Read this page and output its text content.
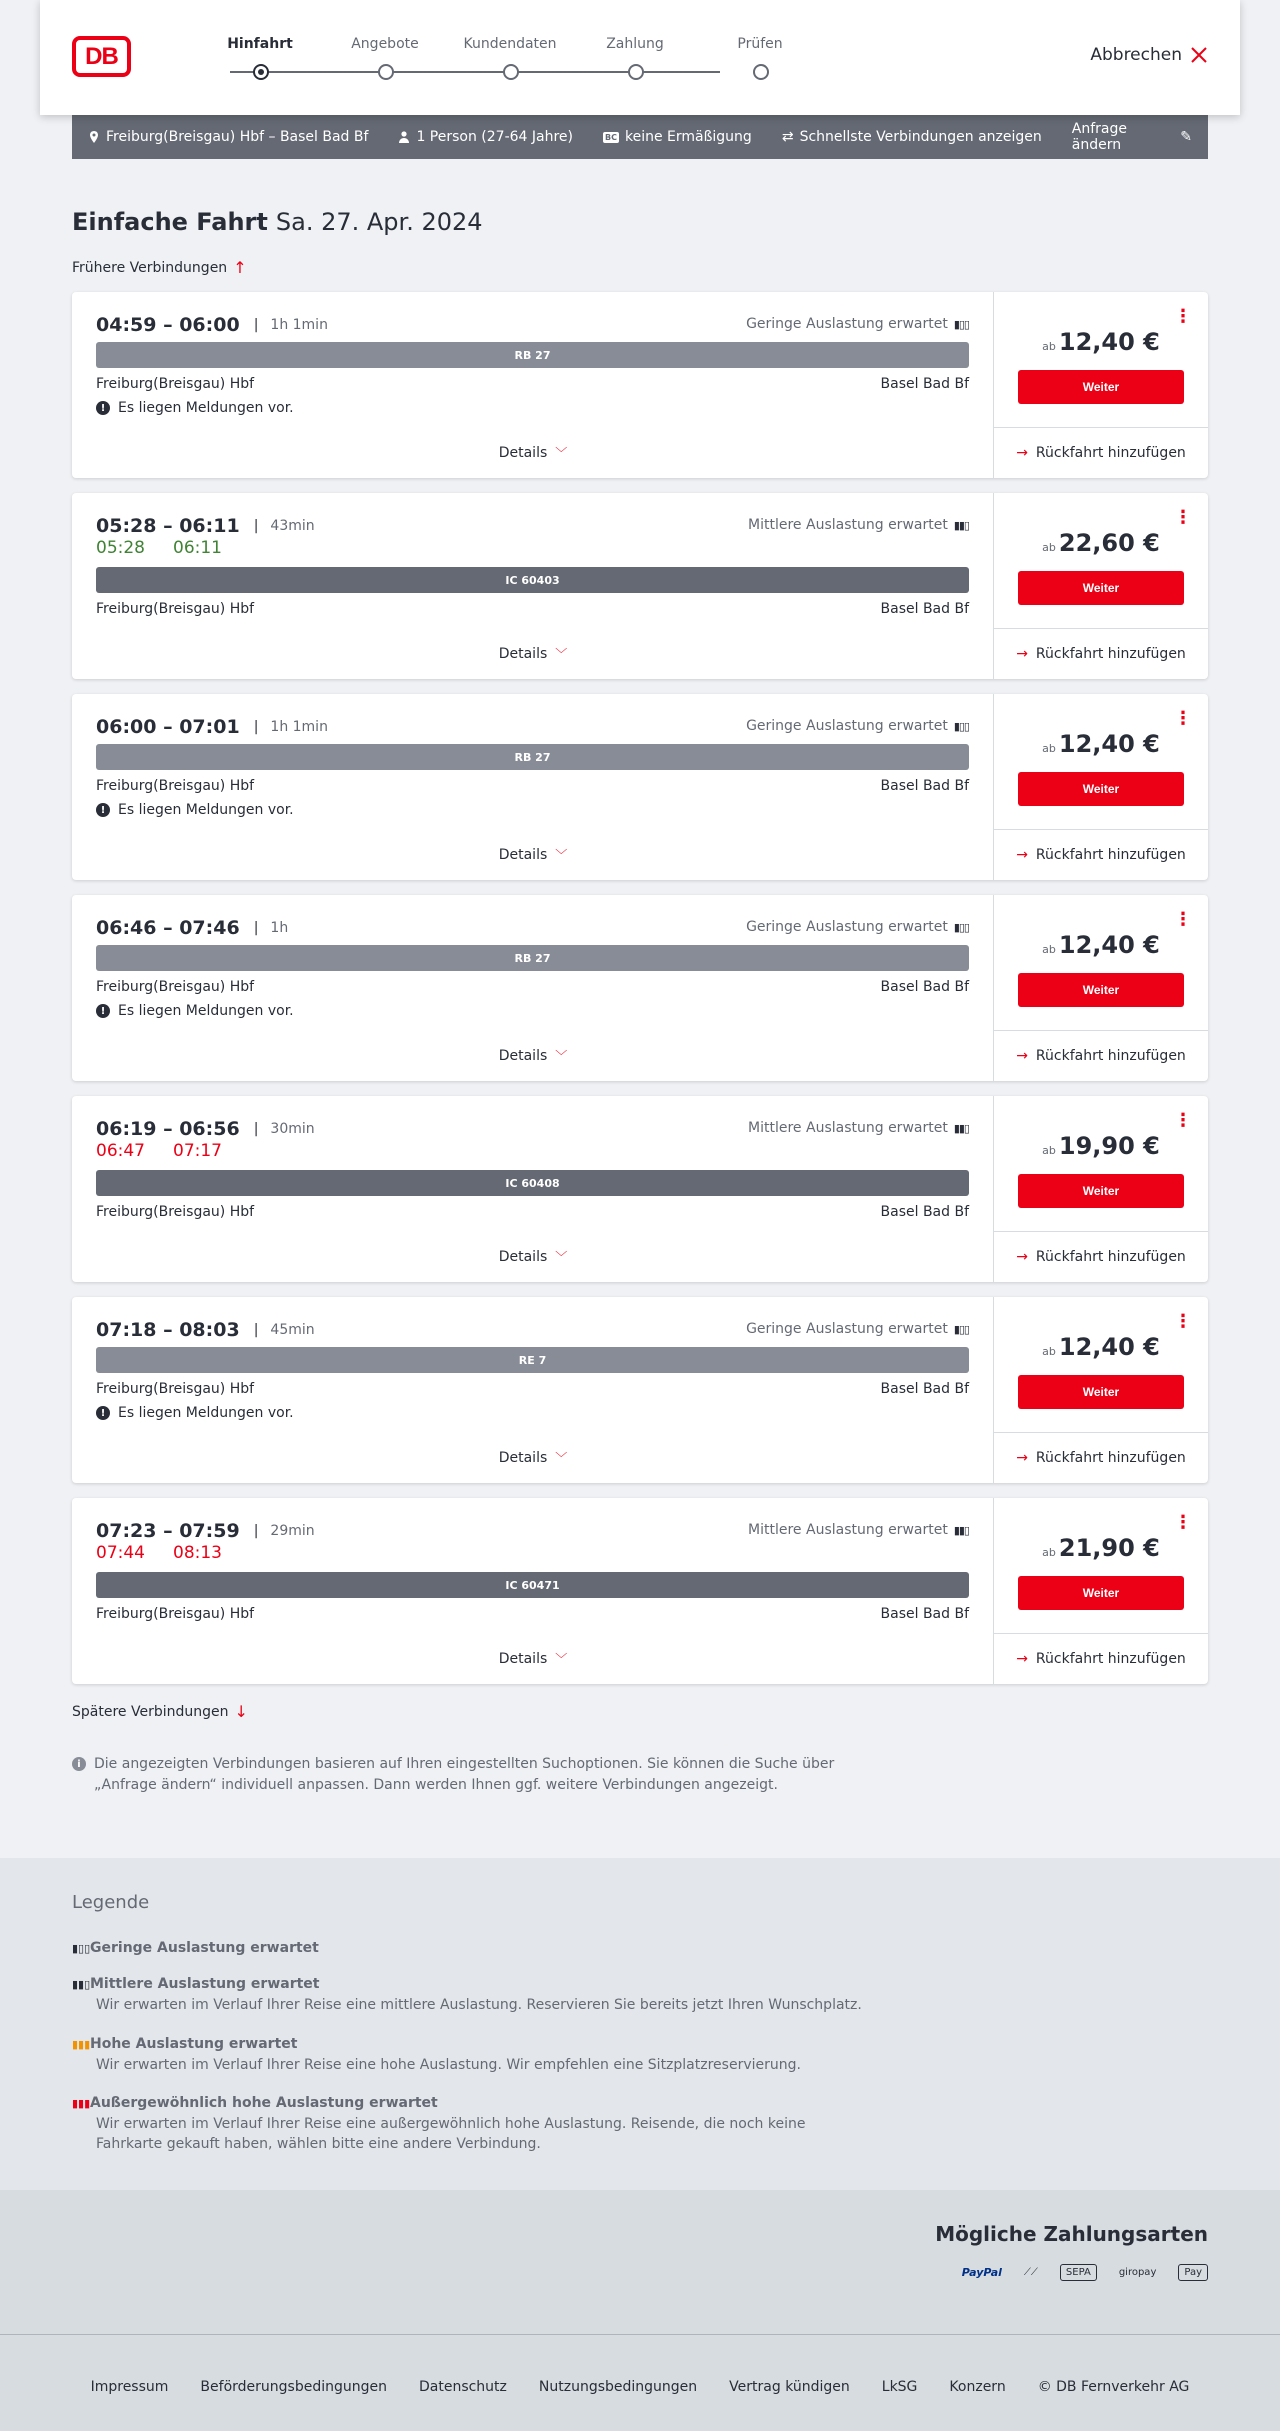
DB	Hinfahrt	Angebote	Kundendaten	Zahlung	Prüfen
Abbrechen
Freiburg(Breisgau) Hbf – Basel Bad Bf	1 Person (27-64 Jahre)	BC keine Ermäßigung ⇄ Schnellste Verbindungen anzeigen Anfrage ändern	✎
Einfache Fahrt Sa. 27. Apr. 2024
Frühere Verbindungen ↑
04:59 – 06:00	| 1h 1min	Geringe Auslastung erwartet ▮▯▯
RB 27
Freiburg(Breisgau) Hbf	Basel Bad Bf
! Es liegen Meldungen vor.
Details ﹀
⋮
ab 12,40 €
Weiter
→ Rückfahrt hinzufügen
05:28 – 06:11	| 43min	Mittlere Auslastung erwartet ▮▮▯
05:28 06:11
IC 60403
Freiburg(Breisgau) Hbf	Basel Bad Bf
Details ﹀
⋮
ab 22,60 €
Weiter
→ Rückfahrt hinzufügen
06:00 – 07:01	| 1h 1min	Geringe Auslastung erwartet ▮▯▯
RB 27
Freiburg(Breisgau) Hbf	Basel Bad Bf
! Es liegen Meldungen vor.
Details ﹀
⋮
ab 12,40 €
Weiter
→ Rückfahrt hinzufügen
06:46 – 07:46	| 1h	Geringe Auslastung erwartet ▮▯▯
RB 27
Freiburg(Breisgau) Hbf	Basel Bad Bf
! Es liegen Meldungen vor.
Details ﹀
⋮
ab 12,40 €
Weiter
→ Rückfahrt hinzufügen
06:19 – 06:56	| 30min	Mittlere Auslastung erwartet ▮▮▯
06:47 07:17
IC 60408
Freiburg(Breisgau) Hbf	Basel Bad Bf
Details ﹀
⋮
ab 19,90 €
Weiter
→ Rückfahrt hinzufügen
07:18 – 08:03	| 45min	Geringe Auslastung erwartet ▮▯▯
RE 7
Freiburg(Breisgau) Hbf	Basel Bad Bf
! Es liegen Meldungen vor.
Details ﹀
⋮
ab 12,40 €
Weiter
→ Rückfahrt hinzufügen
07:23 – 07:59	| 29min	Mittlere Auslastung erwartet ▮▮▯
07:44 08:13
IC 60471
Freiburg(Breisgau) Hbf	Basel Bad Bf
Details ﹀
⋮
ab 21,90 €
Weiter
→ Rückfahrt hinzufügen
Spätere Verbindungen ↓
i Die angezeigten Verbindungen basieren auf Ihren eingestellten Suchoptionen. Sie können die Suche über „Anfrage ändern“ individuell anpassen. Dann werden Ihnen ggf. weitere Verbindungen angezeigt.
Legende
▮▯▯Geringe Auslastung erwartet
▮▮▯Mittlere Auslastung erwartet

Wir erwarten im Verlauf Ihrer Reise eine mittlere Auslastung. Reservieren Sie bereits jetzt Ihren Wunschplatz.

▮▮▮Hohe Auslastung erwartet

Wir erwarten im Verlauf Ihrer Reise eine hohe Auslastung. Wir empfehlen eine Sitzplatzreservierung.

▮▮▮Außergewöhnlich hohe Auslastung erwartet

Wir erwarten im Verlauf Ihrer Reise eine außergewöhnlich hohe Auslastung. Reisende, die noch keine Fahrkarte gekauft haben, wählen bitte eine andere Verbindung.

Mögliche Zahlungsarten
PayPal ⟋⟋	SEPA	giropay	Pay
Impressum Beförderungsbedingungen Datenschutz Nutzungsbedingungen Vertrag kündigen LkSG Konzern © DB Fernverkehr AG
